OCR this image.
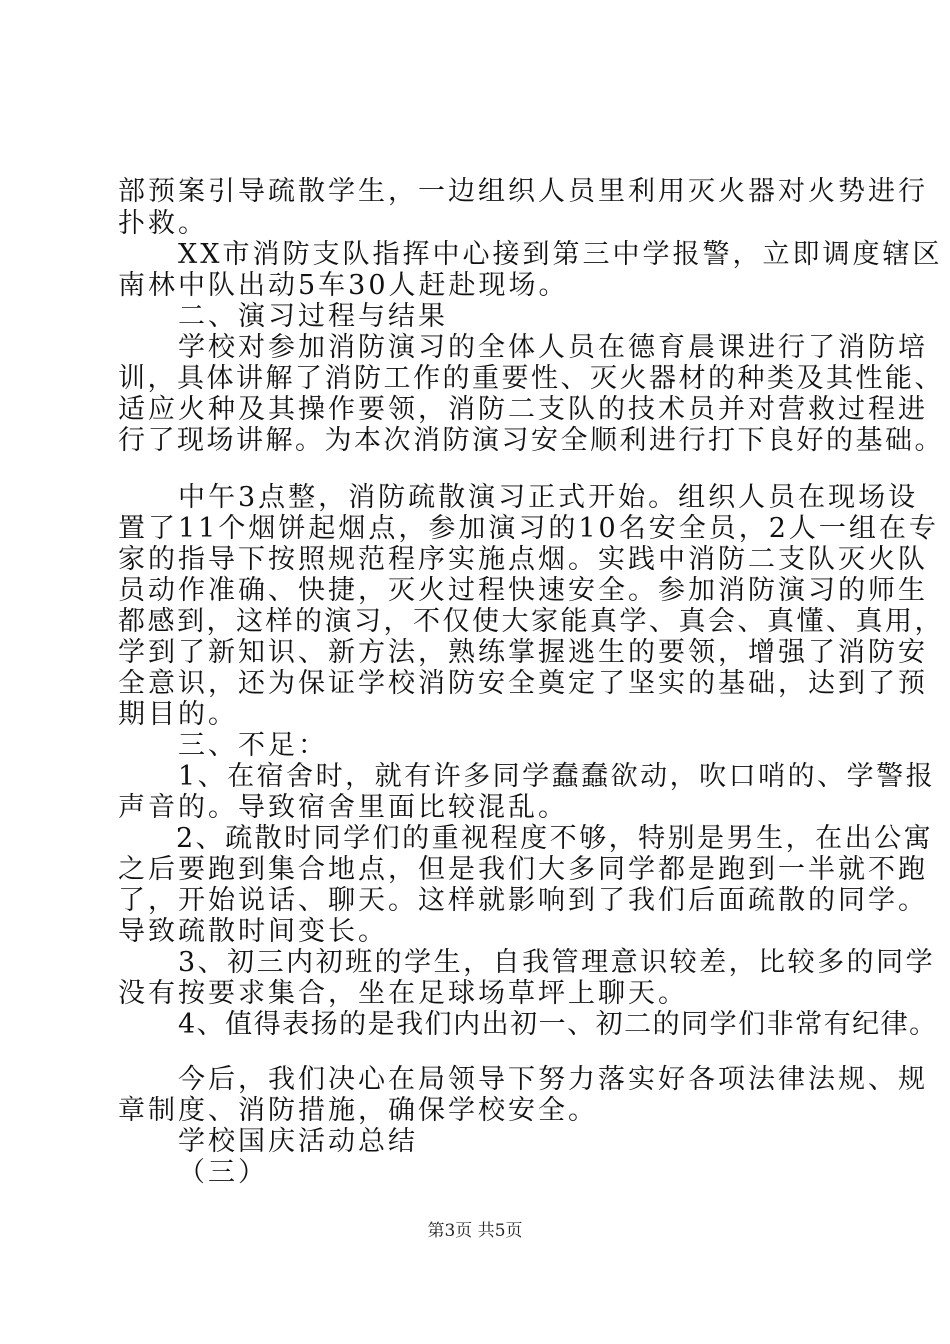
部预案引导疏散学生，一边组织人员里利用灭火器对火势进行
扑救。
XX市消防支队指挥中心接到第三中学报警，立即调度辖区
南林中队出动5车30人赶赴现场。
二、演习过程与结果
学校对参加消防演习的全体人员在德育晨课进行了消防培
训，具体讲解了消防工作的重要性、灭火器材的种类及其性能、
适应火种及其操作要领，消防二支队的技术员并对营救过程进
行了现场讲解。为本次消防演习安全顺利进行打下良好的基础。
中午3点整，消防疏散演习正式开始。组织人员在现场设
置了11个烟饼起烟点，参加演习的10名安全员，2人一组在专
家的指导下按照规范程序实施点烟。实践中消防二支队灭火队
员动作准确、快捷，灭火过程快速安全。参加消防演习的师生
都感到，这样的演习，不仅使大家能真学、真会、真懂、真用，
学到了新知识、新方法，熟练掌握逃生的要领，增强了消防安
全意识，还为保证学校消防安全奠定了坚实的基础，达到了预
期目的。
三、不足：
1、在宿舍时，就有许多同学蠢蠢欲动，吹口哨的、学警报
声音的。导致宿舍里面比较混乱。
2、疏散时同学们的重视程度不够，特别是男生，在出公寓
之后要跑到集合地点，但是我们大多同学都是跑到一半就不跑
了，开始说话、聊天。这样就影响到了我们后面疏散的同学。
导致疏散时间变长。
3、初三内初班的学生，自我管理意识较差，比较多的同学
没有按要求集合，坐在足球场草坪上聊天。
4、值得表扬的是我们内出初一、初二的同学们非常有纪律。
今后，我们决心在局领导下努力落实好各项法律法规、规
章制度、消防措施，确保学校安全。
学校国庆活动总结
（三）
第3页 共5页
